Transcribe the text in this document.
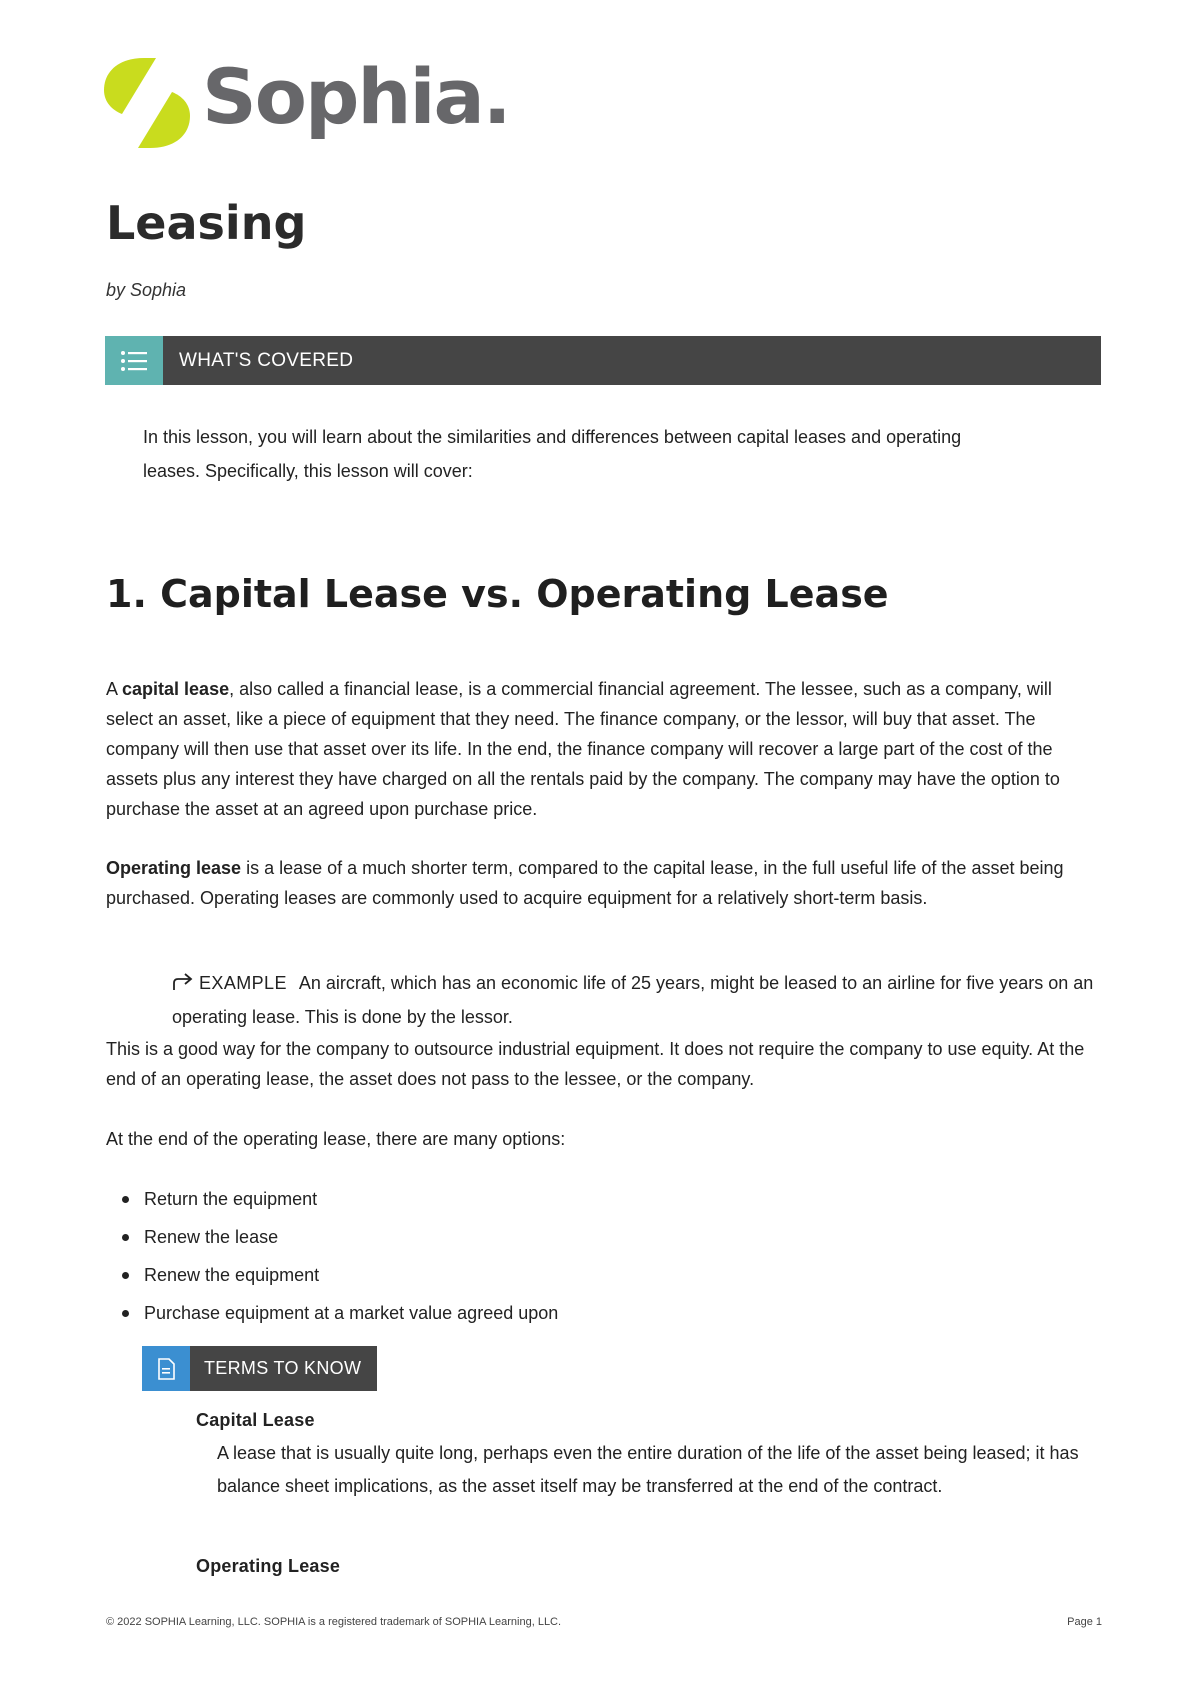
Sophia.
Leasing
by Sophia
WHAT'S COVERED
In this lesson, you will learn about the similarities and differences between capital leases and operating leases. Specifically, this lesson will cover:
1. Capital Lease vs. Operating Lease
A capital lease, also called a financial lease, is a commercial financial agreement. The lessee, such as a company, will select an asset, like a piece of equipment that they need. The finance company, or the lessor, will buy that asset. The company will then use that asset over its life. In the end, the finance company will recover a large part of the cost of the assets plus any interest they have charged on all the rentals paid by the company. The company may have the option to purchase the asset at an agreed upon purchase price.
Operating lease is a lease of a much shorter term, compared to the capital lease, in the full useful life of the asset being purchased. Operating leases are commonly used to acquire equipment for a relatively short-term basis.
EXAMPLE An aircraft, which has an economic life of 25 years, might be leased to an airline for five years on an operating lease. This is done by the lessor.
This is a good way for the company to outsource industrial equipment. It does not require the company to use equity. At the end of an operating lease, the asset does not pass to the lessee, or the company.
At the end of the operating lease, there are many options:
Return the equipment
Renew the lease
Renew the equipment
Purchase equipment at a market value agreed upon
TERMS TO KNOW
Capital Lease
A lease that is usually quite long, perhaps even the entire duration of the life of the asset being leased; it has balance sheet implications, as the asset itself may be transferred at the end of the contract.
Operating Lease
© 2022 SOPHIA Learning, LLC. SOPHIA is a registered trademark of SOPHIA Learning, LLC.	Page 1
